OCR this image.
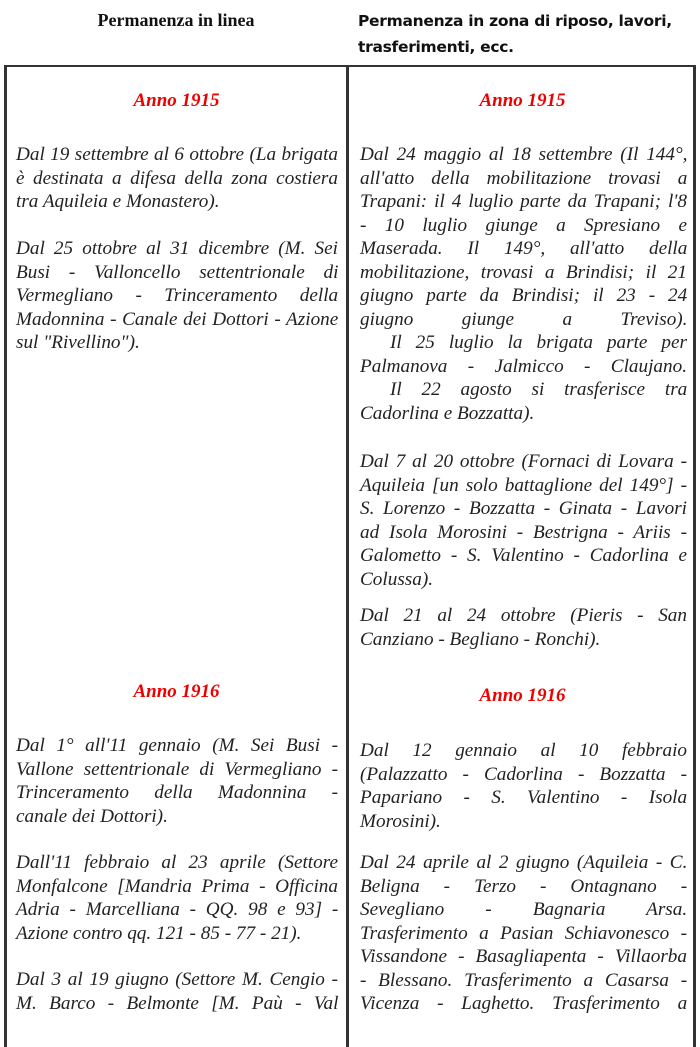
Permanenza in linea	Permanenza in zona di riposo, lavori,
trasferimenti, ecc.
Anno 1915
Dal 19 settembre al 6 ottobre (La brigata
è destinata a difesa della zona costiera
tra Aquileia e Monastero).
Dal 25 ottobre al 31 dicembre (M. Sei
Busi - Valloncello settentrionale di
Vermegliano - Trinceramento della
Madonnina - Canale dei Dottori - Azione
sul "Rivellino").
Anno 1916
Dal 1° all'11 gennaio (M. Sei Busi -
Vallone settentrionale di Vermegliano -
Trinceramento della Madonnina -
canale dei Dottori).
Dall'11 febbraio al 23 aprile (Settore
Monfalcone [Mandria Prima - Officina
Adria - Marcelliana - QQ. 98 e 93] -
Azione contro qq. 121 - 85 - 77 - 21).
Dal 3 al 19 giugno (Settore M. Cengio -
M. Barco - Belmonte [M. Paù - Val
Anno 1915
Dal 24 maggio al 18 settembre (Il 144°,
all'atto della mobilitazione trovasi a
Trapani: il 4 luglio parte da Trapani; l'8
- 10 luglio giunge a Spresiano e
Maserada. Il 149°, all'atto della
mobilitazione, trovasi a Brindisi; il 21
giugno parte da Brindisi; il 23 - 24
giugno giunge a Treviso).
Il 25 luglio la brigata parte per
Palmanova - Jalmicco - Claujano.
Il 22 agosto si trasferisce tra
Cadorlina e Bozzatta).
Dal 7 al 20 ottobre (Fornaci di Lovara -
Aquileia [un solo battaglione del 149°] -
S. Lorenzo - Bozzatta - Ginata - Lavori
ad Isola Morosini - Bestrigna - Ariis -
Galometto - S. Valentino - Cadorlina e
Colussa).
Dal 21 al 24 ottobre (Pieris - San
Canziano - Begliano - Ronchi).
Anno 1916
Dal 12 gennaio al 10 febbraio
(Palazzatto - Cadorlina - Bozzatta -
Papariano - S. Valentino - Isola
Morosini).
Dal 24 aprile al 2 giugno (Aquileia - C.
Beligna - Terzo - Ontagnano -
Sevegliano - Bagnaria Arsa.
Trasferimento a Pasian Schiavonesco -
Vissandone - Basagliapenta - Villaorba
- Blessano. Trasferimento a Casarsa -
Vicenza - Laghetto. Trasferimento a
